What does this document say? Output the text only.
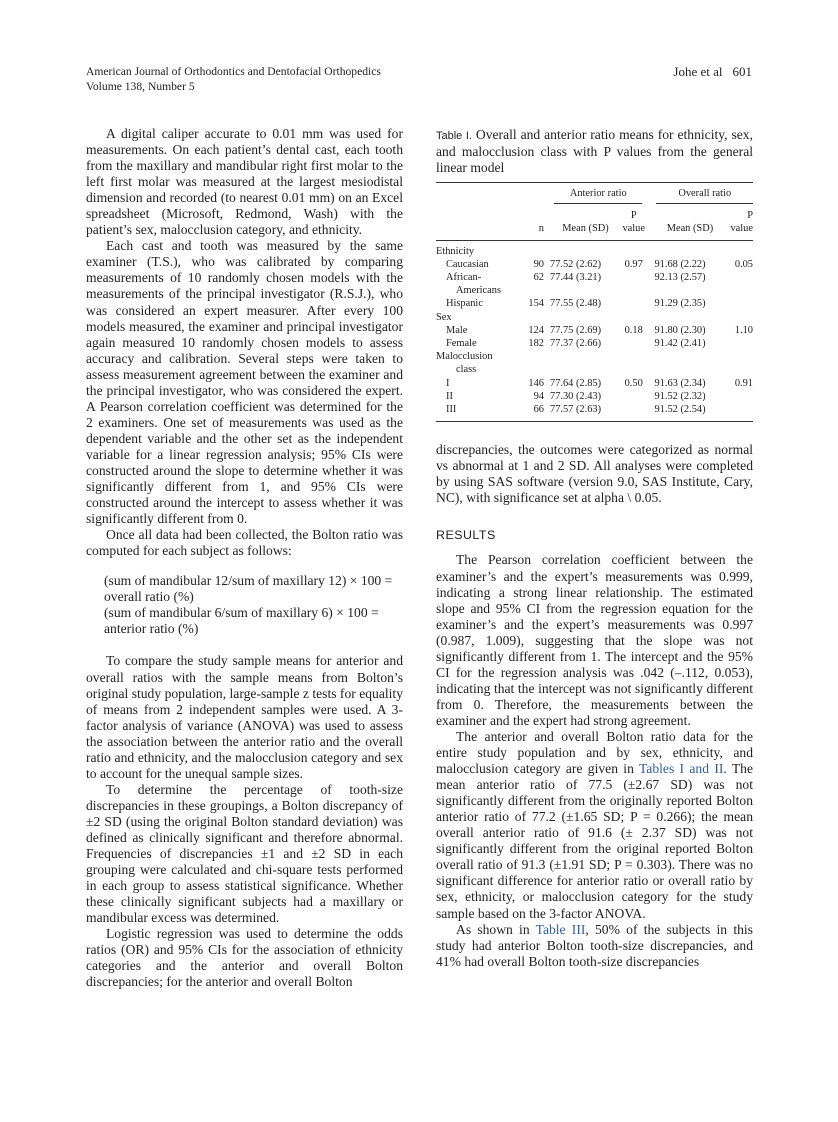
American Journal of Orthodontics and Dentofacial Orthopedics
Volume 138, Number 5
Johe et al 601

A digital caliper accurate to 0.01 mm was used for measurements. On each patient’s dental cast, each tooth from the maxillary and mandibular right first molar to the left first molar was measured at the largest mesiodistal dimension and recorded (to nearest 0.01 mm) on an Excel spreadsheet (Microsoft, Redmond, Wash) with the patient’s sex, malocclusion category, and ethnicity.

Each cast and tooth was measured by the same examiner (T.S.), who was calibrated by comparing measurements of 10 randomly chosen models with the measurements of the principal investigator (R.S.J.), who was considered an expert measurer. After every 100 models measured, the examiner and principal investigator again measured 10 randomly chosen models to assess accuracy and calibration. Several steps were taken to assess measurement agreement between the examiner and the principal investigator, who was considered the expert. A Pearson correlation coefficient was determined for the 2 examiners. One set of measurements was used as the dependent variable and the other set as the independent variable for a linear regression analysis; 95% CIs were constructed around the slope to determine whether it was significantly different from 1, and 95% CIs were constructed around the intercept to assess whether it was significantly different from 0.

Once all data had been collected, the Bolton ratio was computed for each subject as follows:

(sum of mandibular 12/sum of maxillary 12) × 100 =
overall ratio (%)
(sum of mandibular 6/sum of maxillary 6) × 100 =
anterior ratio (%)

To compare the study sample means for anterior and overall ratios with the sample means from Bolton’s original study population, large-sample z tests for equality of means from 2 independent samples were used. A 3-factor analysis of variance (ANOVA) was used to assess the association between the anterior ratio and the overall ratio and ethnicity, and the malocclusion category and sex to account for the unequal sample sizes.

To determine the percentage of tooth-size discrepancies in these groupings, a Bolton discrepancy of ±2 SD (using the original Bolton standard deviation) was defined as clinically significant and therefore abnormal. Frequencies of discrepancies ±1 and ±2 SD in each grouping were calculated and chi-square tests performed in each group to assess statistical significance. Whether these clinically significant subjects had a maxillary or mandibular excess was determined.

Logistic regression was used to determine the odds ratios (OR) and 95% CIs for the association of ethnicity categories and the anterior and overall Bolton discrepancies; for the anterior and overall Bolton

Table I. Overall and anterior ratio means for ethnicity, sex, and malocclusion class with P values from the general linear model

		Anterior ratio		Overall ratio	

			P		P
	n	Mean (SD)	value	Mean (SD)	value
Ethnicity					
Caucasian	90	77.52 (2.62)	0.97	91.68 (2.22)	0.05
African-	62	77.44 (3.21)		92.13 (2.57)	
Americans					
Hispanic	154	77.55 (2.48)		91.29 (2.35)	
Sex					
Male	124	77.75 (2.69)	0.18	91.80 (2.30)	1.10
Female	182	77.37 (2.66)		91.42 (2.41)	
Malocclusion					
class					
I	146	77.64 (2.85)	0.50	91.63 (2.34)	0.91
II	94	77.30 (2.43)		91.52 (2.32)	
III	66	77.57 (2.63)		91.52 (2.54)	

discrepancies, the outcomes were categorized as normal vs abnormal at 1 and 2 SD. All analyses were completed by using SAS software (version 9.0, SAS Institute, Cary, NC), with significance set at alpha \ 0.05.

RESULTS

The Pearson correlation coefficient between the examiner’s and the expert’s measurements was 0.999, indicating a strong linear relationship. The estimated slope and 95% CI from the regression equation for the examiner’s and the expert’s measurements was 0.997 (0.987, 1.009), suggesting that the slope was not significantly different from 1. The intercept and the 95% CI for the regression analysis was .042 (–.112, 0.053), indicating that the intercept was not significantly different from 0. Therefore, the measurements between the examiner and the expert had strong agreement.

The anterior and overall Bolton ratio data for the entire study population and by sex, ethnicity, and malocclusion category are given in Tables I and II. The mean anterior ratio of 77.5 (±2.67 SD) was not significantly different from the originally reported Bolton anterior ratio of 77.2 (±1.65 SD; P = 0.266); the mean overall anterior ratio of 91.6 (± 2.37 SD) was not significantly different from the original reported Bolton overall ratio of 91.3 (±1.91 SD; P = 0.303). There was no significant difference for anterior ratio or overall ratio by sex, ethnicity, or malocclusion category for the study sample based on the 3-factor ANOVA.

As shown in Table III, 50% of the subjects in this study had anterior Bolton tooth-size discrepancies, and 41% had overall Bolton tooth-size discrepancies
